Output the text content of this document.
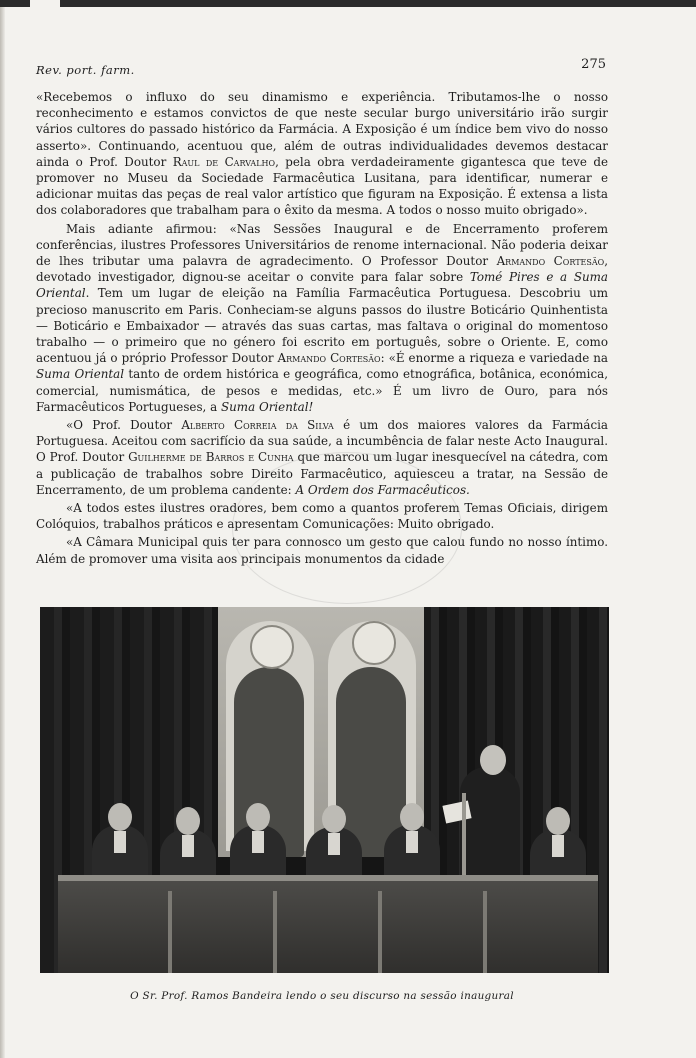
Rev. port. farm.	275

«Recebemos o influxo do seu dinamismo e experiência. Tributamos-lhe o nosso reconhecimento e estamos convictos de que neste secular burgo universitário irão surgir vários cultores do passado histórico da Farmácia. A Exposição é um índice bem vivo do nosso asserto». Continuando, acentuou que, além de outras individualidades devemos destacar ainda o Prof. Doutor Raul de Carvalho, pela obra verdadeiramente gigantesca que teve de promover no Museu da Sociedade Farmacêutica Lusitana, para identificar, numerar e adicionar muitas das peças de real valor artístico que figuram na Exposição. É extensa a lista dos colaboradores que trabalham para o êxito da mesma. A todos o nosso muito obrigado».

Mais adiante afirmou: «Nas Sessões Inaugural e de Encerramento proferem conferências, ilustres Professores Universitários de renome internacional. Não poderia deixar de lhes tributar uma palavra de agradecimento. O Professor Doutor Armando Cortesão, devotado investigador, dignou-se aceitar o convite para falar sobre Tomé Pires e a Suma Oriental. Tem um lugar de eleição na Família Farmacêutica Portuguesa. Descobriu um precioso manuscrito em Paris. Conheciam-se alguns passos do ilustre Boticário Quinhentista — Boticário e Embaixador — através das suas cartas, mas faltava o original do momentoso trabalho — o primeiro que no género foi escrito em português, sobre o Oriente. E, como acentuou já o próprio Professor Doutor Armando Cortesão: «É enorme a riqueza e variedade na Suma Oriental tanto de ordem histórica e geográfica, como etnográfica, botânica, económica, comercial, numismática, de pesos e medidas, etc.» É um livro de Ouro, para nós Farmacêuticos Portugueses, a Suma Oriental!

«O Prof. Doutor Alberto Correia da Silva é um dos maiores valores da Farmácia Portuguesa. Aceitou com sacrifício da sua saúde, a incumbência de falar neste Acto Inaugural. O Prof. Doutor Guilherme de Barros e Cunha que marcou um lugar inesquecível na cátedra, com a publicação de trabalhos sobre Direito Farmacêutico, aquiesceu a tratar, na Sessão de Encerramento, de um problema candente: A Ordem dos Farmacêuticos.

«A todos estes ilustres oradores, bem como a quantos proferem Temas Oficiais, dirigem Colóquios, trabalhos práticos e apresentam Comunicações: Muito obrigado.

«A Câmara Municipal quis ter para connosco um gesto que calou fundo no nosso íntimo. Além de promover uma visita aos principais monumentos da cidade

O Sr. Prof. Ramos Bandeira lendo o seu discurso na sessão inaugural
